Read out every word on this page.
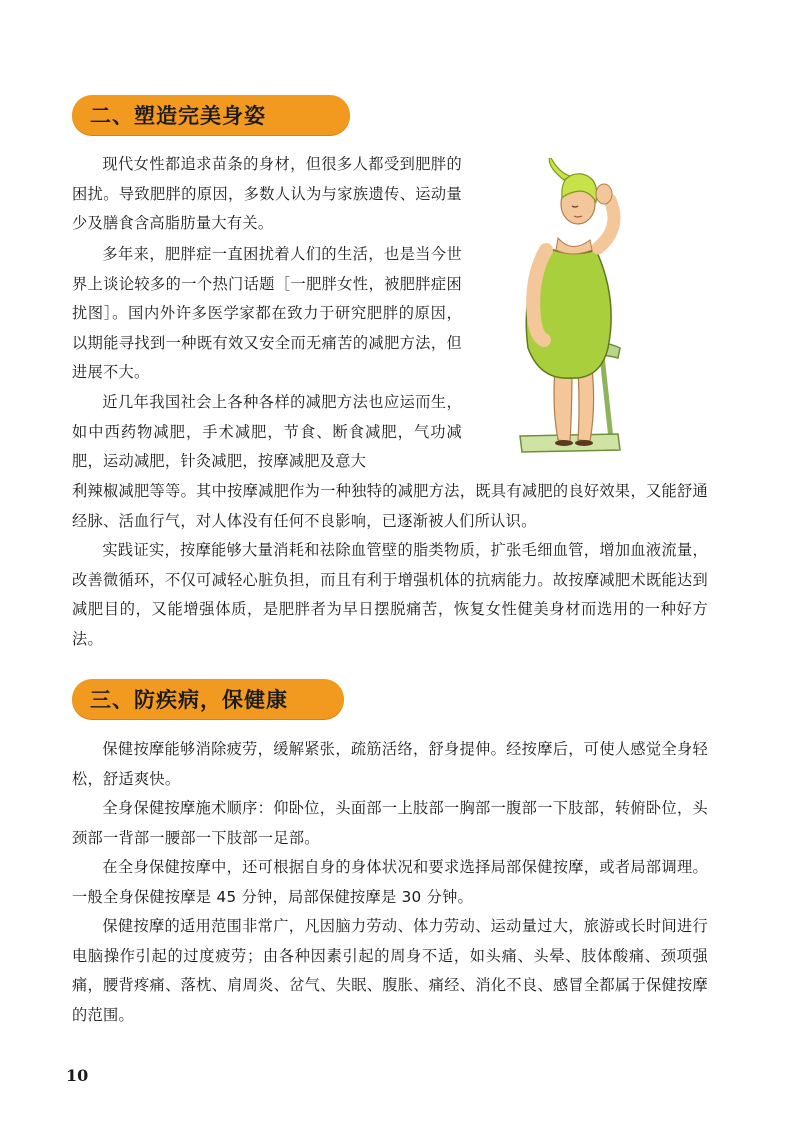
二、塑造完美身姿

现代女性都追求苗条的身材，但很多人都受到肥胖的困扰。导致肥胖的原因，多数人认为与家族遗传、运动量少及膳食含高脂肪量大有关。

多年来，肥胖症一直困扰着人们的生活，也是当今世界上谈论较多的一个热门话题［一肥胖女性，被肥胖症困扰图］。国内外许多医学家都在致力于研究肥胖的原因，以期能寻找到一种既有效又安全而无痛苦的减肥方法，但进展不大。

近几年我国社会上各种各样的减肥方法也应运而生，如中西药物减肥，手术减肥，节食、断食减肥，气功减肥，运动减肥，针灸减肥，按摩减肥及意大

利辣椒减肥等等。其中按摩减肥作为一种独特的减肥方法，既具有减肥的良好效果，又能舒通经脉、活血行气，对人体没有任何不良影响，已逐渐被人们所认识。

实践证实，按摩能够大量消耗和祛除血管壁的脂类物质，扩张毛细血管，增加血液流量，改善微循环，不仅可减轻心脏负担，而且有利于增强机体的抗病能力。故按摩减肥术既能达到减肥目的，又能增强体质，是肥胖者为早日摆脱痛苦，恢复女性健美身材而选用的一种好方法。

三、防疾病，保健康

保健按摩能够消除疲劳，缓解紧张，疏筋活络，舒身提伸。经按摩后，可使人感觉全身轻松，舒适爽快。

全身保健按摩施术顺序：仰卧位，头面部一上肢部一胸部一腹部一下肢部，转俯卧位，头颈部一背部一腰部一下肢部一足部。

在全身保健按摩中，还可根据自身的身体状况和要求选择局部保健按摩，或者局部调理。一般全身保健按摩是 45 分钟，局部保健按摩是 30 分钟。

保健按摩的适用范围非常广，凡因脑力劳动、体力劳动、运动量过大，旅游或长时间进行电脑操作引起的过度疲劳；由各种因素引起的周身不适，如头痛、头晕、肢体酸痛、颈项强痛，腰背疼痛、落枕、肩周炎、岔气、失眠、腹胀、痛经、消化不良、感冒全都属于保健按摩的范围。

10
